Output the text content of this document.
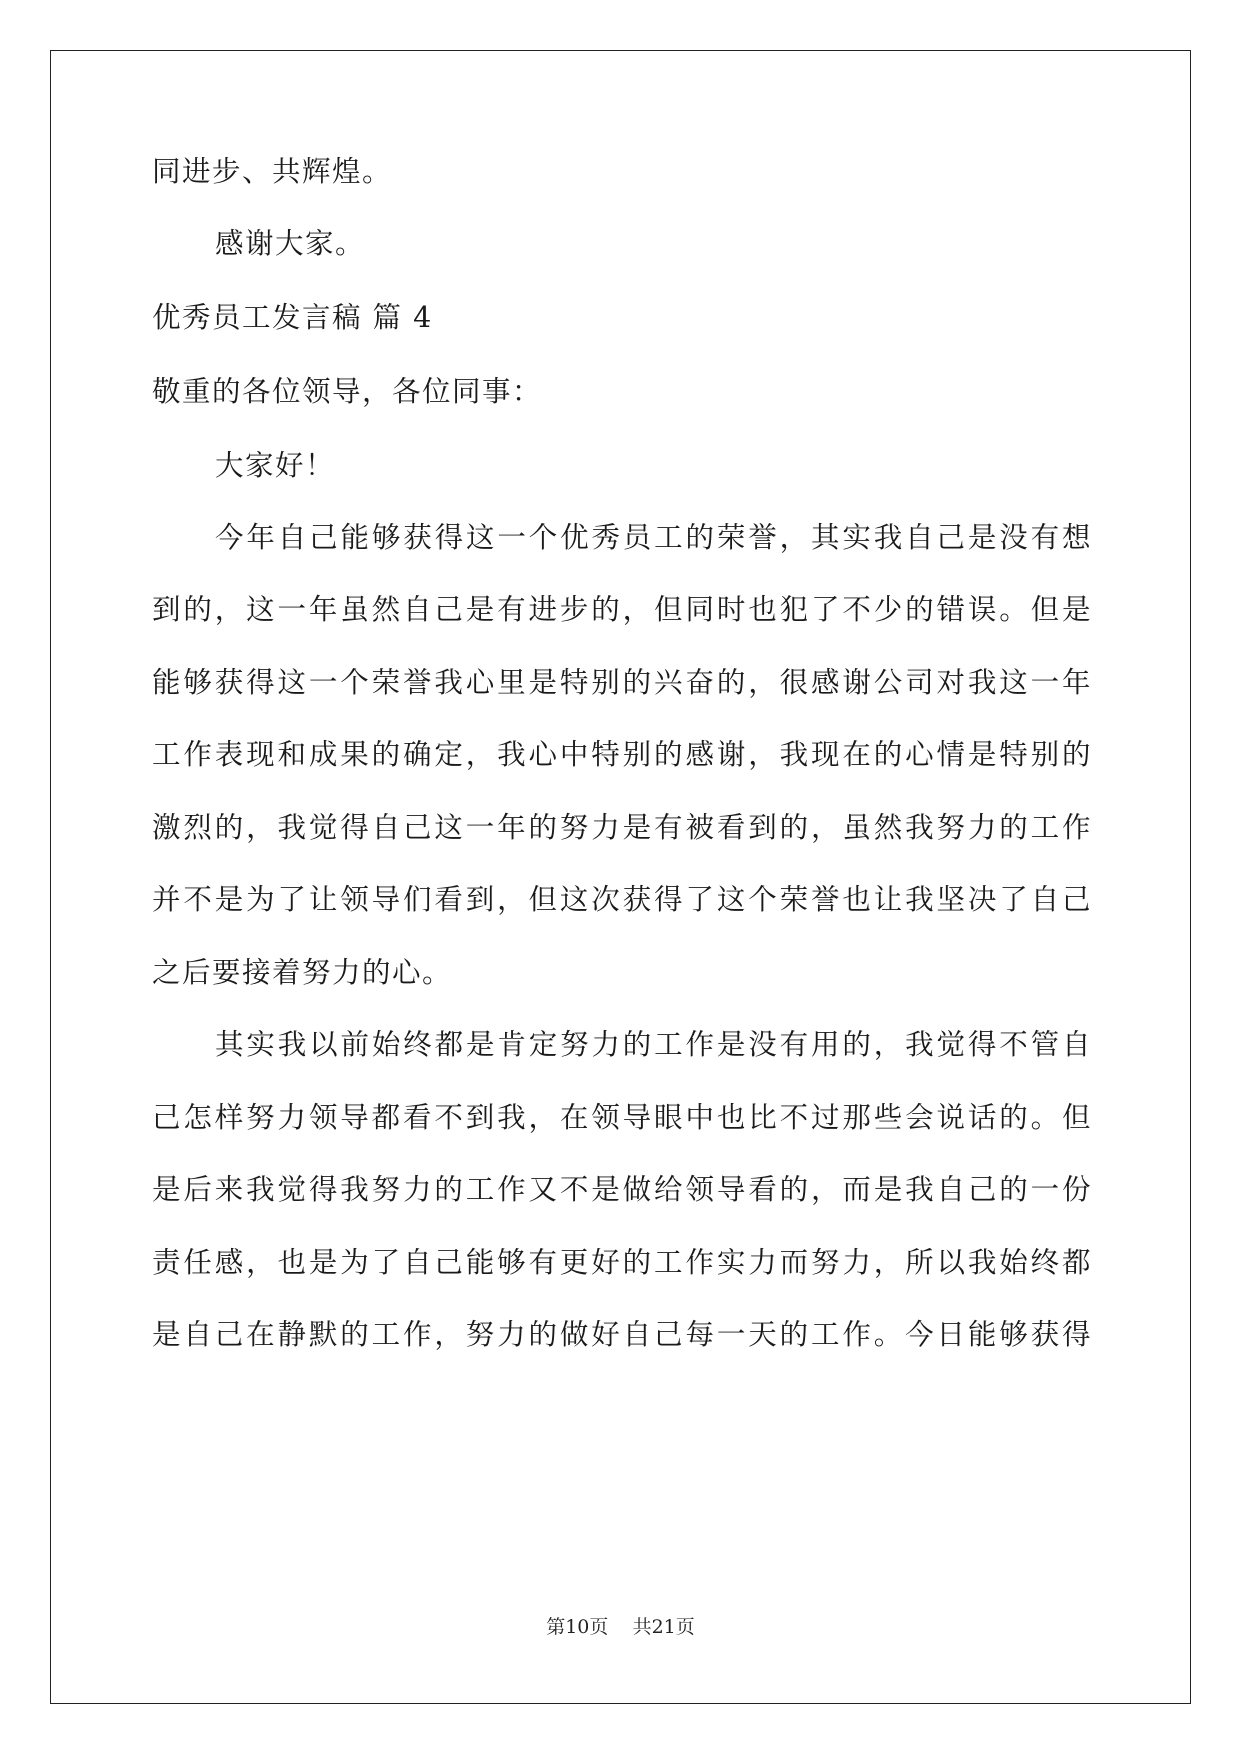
同进步、共辉煌。
感谢大家。
优秀员工发言稿 篇 4
敬重的各位领导，各位同事：
大家好！
今年自己能够获得这一个优秀员工的荣誉，其实我自己是没有想
到的，这一年虽然自己是有进步的，但同时也犯了不少的错误。但是
能够获得这一个荣誉我心里是特别的兴奋的，很感谢公司对我这一年
工作表现和成果的确定，我心中特别的感谢，我现在的心情是特别的
激烈的，我觉得自己这一年的努力是有被看到的，虽然我努力的工作
并不是为了让领导们看到，但这次获得了这个荣誉也让我坚决了自己
之后要接着努力的心。
其实我以前始终都是肯定努力的工作是没有用的，我觉得不管自
己怎样努力领导都看不到我，在领导眼中也比不过那些会说话的。但
是后来我觉得我努力的工作又不是做给领导看的，而是我自己的一份
责任感，也是为了自己能够有更好的工作实力而努力，所以我始终都
是自己在静默的工作，努力的做好自己每一天的工作。今日能够获得
第10页 共21页
